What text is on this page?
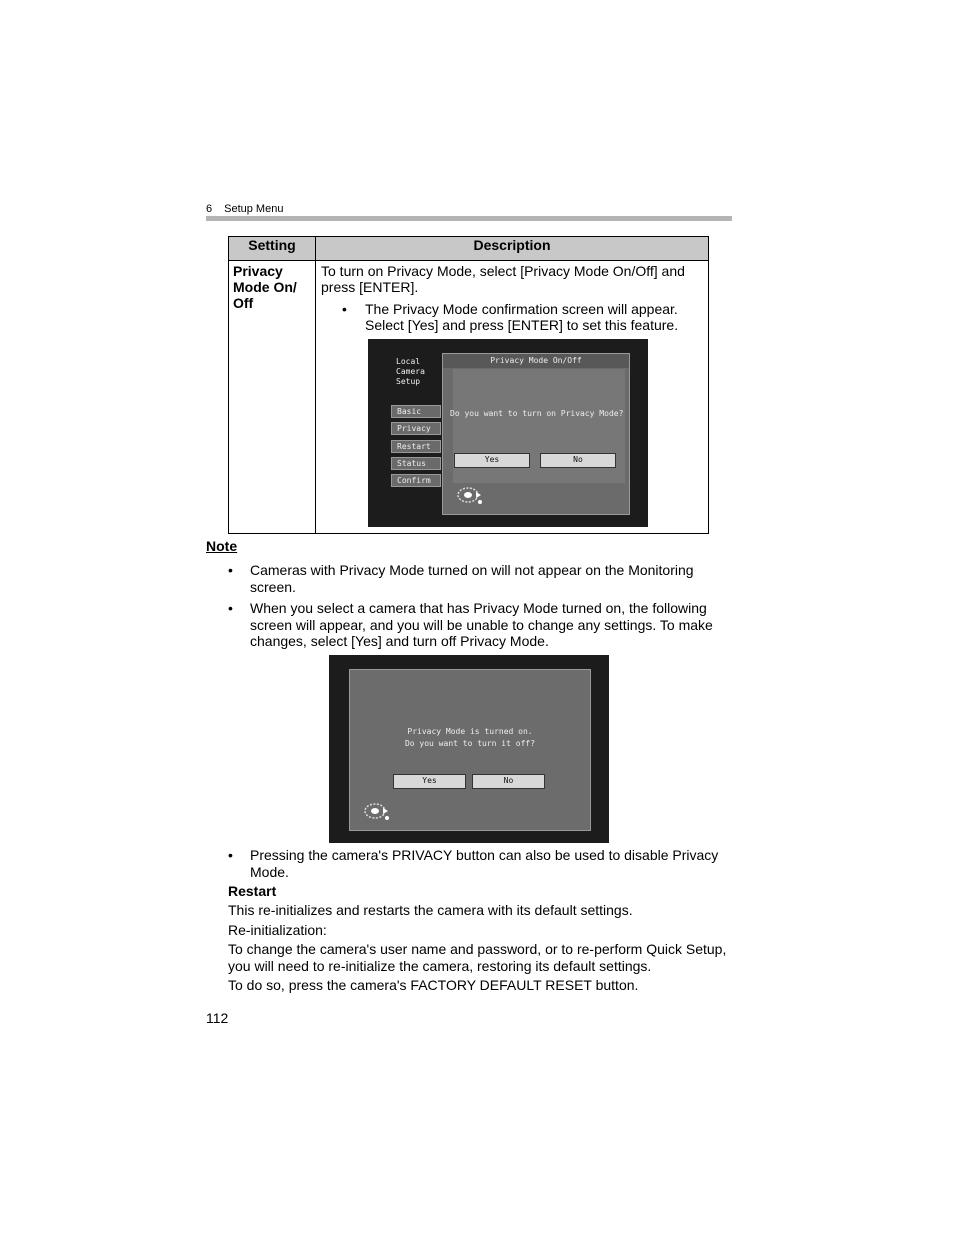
6 Setup Menu
Setting	Description
Privacy Mode On/ Off	To turn on Privacy Mode, select [Privacy Mode On/Off] and press [ENTER].

• The Privacy Mode confirmation screen will appear. Select [Yes] and press [ENTER] to set this feature.
Local
Camera
Setup
Basic
Privacy
Restart
Status
Confirm
Privacy Mode On/Off
Do you want to turn on Privacy Mode?
Yes	No
Note
• Cameras with Privacy Mode turned on will not appear on the Monitoring screen.
• When you select a camera that has Privacy Mode turned on, the following screen will appear, and you will be unable to change any settings. To make changes, select [Yes] and turn off Privacy Mode.
• Pressing the camera's PRIVACY button can also be used to disable Privacy Mode.
Privacy Mode is turned on.
Do you want to turn it off?
Yes	No
Restart
This re-initializes and restarts the camera with its default settings.
Re-initialization:
To change the camera's user name and password, or to re-perform Quick Setup, you will need to re-initialize the camera, restoring its default settings.
To do so, press the camera's FACTORY DEFAULT RESET button.
112
